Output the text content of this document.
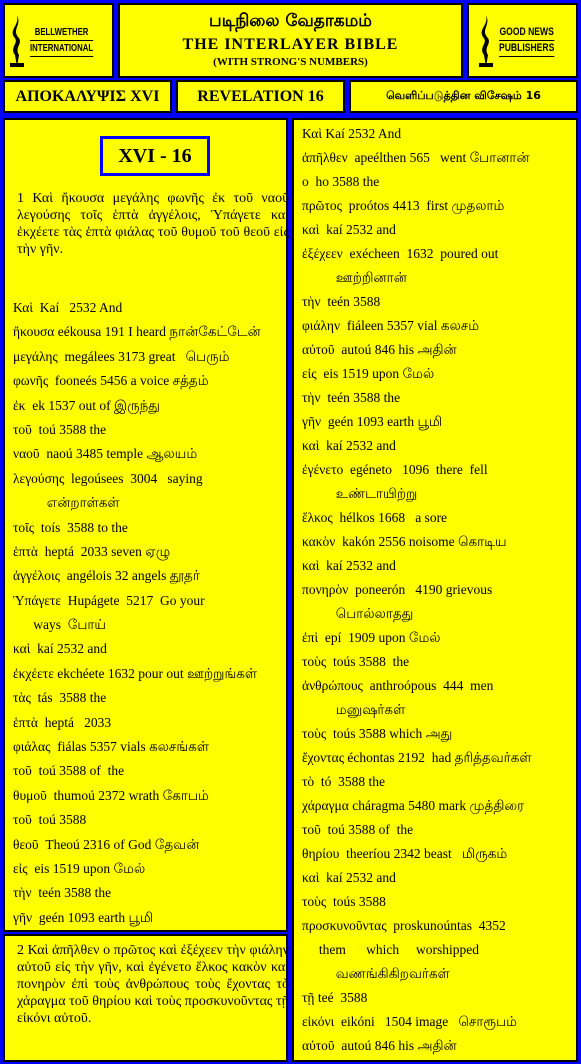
BELLWETHER
INTERNATIONAL
படிநிலை வேதாகமம்
THE INTERLAYER BIBLE
(WITH STRONG'S NUMBERS)
GOOD NEWS
PUBLISHERS
ΑΠΟΚΑΛΥΨΙΣ XVI	REVELATION 16	வெளிப்படுத்தின விசேஷம் 16
XVI - 16
1 Καὶ ἤκουσα μεγάλης φωνῆς ἐκ τοῦ ναοῦ λεγούσης τοῖς ἑπτὰ ἀγγέλοις, Ὑπάγετε καὶ ἐκχέετε τὰς ἑπτὰ φιάλας τοῦ θυμοῦ τοῦ θεοῦ εἰς τὴν γῆν.
Καὶ  Kaí   2532 And
ἤκουσα eékousa 191 I heard நான்கேட்டேன்
μεγάλης  megálees 3173 great   பெரும்
φωνῆς  fooneés 5456 a voice சத்தம்
ἐκ  ek 1537 out of இருந்து
τοῦ  toú 3588 the
ναοῦ  naoú 3485 temple ஆலயம்
λεγούσης  legoúsees  3004   saying
என்றாள்கள்
τοῖς  toís  3588 to the
ἑπτὰ  heptá  2033 seven ஏழு
ἀγγέλοις  angélois 32 angels தூதர்
Ὑπάγετε  Hupágete  5217  Go your
ways  போய்
καὶ  kaí 2532 and
ἐκχέετε ekchéete 1632 pour out ஊற்றுங்கள்
τὰς  tás  3588 the
ἑπτὰ  heptá   2033
φιάλας  fiálas 5357 vials கலசங்கள்
τοῦ  toú 3588 of  the
θυμοῦ  thumoú 2372 wrath கோபம்
τοῦ  toú 3588
θεοῦ  Theoú 2316 of God தேவன்
εἰς  eis 1519 upon மேல்
τὴν  teén 3588 the
γῆν  geén 1093 earth பூமி
2 Καὶ ἀπῆλθεν ο πρῶτος καὶ ἐξέχεεν τὴν φιάλην αὐτοῦ εἰς τὴν γῆν, καὶ ἐγένετο ἕλκος κακὸν καὶ πονηρὸν ἐπὶ τοὺς ἀνθρώπους τοὺς ἔχοντας τὸ χάραγμα τοῦ θηρίου καὶ τοὺς προσκυνοῦντας τῇ εἰκόνι αὐτοῦ.
Καὶ Kaí 2532 And
ἀπῆλθεν  apeélthen 565   went போனான்
ο  ho 3588 the
πρῶτος  proótos 4413  first முதலாம்
καὶ  kaí 2532 and
ἐξέχεεν  exécheen  1632  poured out
ஊற்றினான்
τὴν  teén 3588
φιάλην  fiáleen 5357 vial கலசம்
αὐτοῦ  autoú 846 his அதின்
εἰς  eis 1519 upon மேல்
τὴν  teén 3588 the
γῆν  geén 1093 earth பூமி
καὶ  kaí 2532 and
ἐγένετο  egéneto   1096  there  fell
உண்டாயிற்று
ἕλκος  hélkos 1668   a sore
κακὸν  kakón 2556 noisome கொடிய
καὶ  kaí 2532 and
πονηρὸν  poneerón   4190 grievous
பொல்லாதது
ἐπὶ  epí  1909 upon மேல்
τοὺς  toús 3588  the
ἀνθρώπους  anthroópous  444  men
மனுஷர்கள்
τοὺς  toús 3588 which அது
ἔχοντας échontas 2192  had தரித்தவர்கள்
τὸ  tó  3588 the
χάραγμα cháragma 5480 mark முத்திரை
τοῦ  toú 3588 of  the
θηρίου  theeríou 2342 beast   மிருகம்
καὶ  kaí 2532 and
τοὺς  toús 3588
προσκυνοῦντας  proskunoúntas  4352
them      which     worshipped
வணங்கிகிறவர்கள்
τῇ teé  3588
εἰκόνι  eikóni   1504 image   சொரூபம்
αὐτοῦ  autoú 846 his அதின்
